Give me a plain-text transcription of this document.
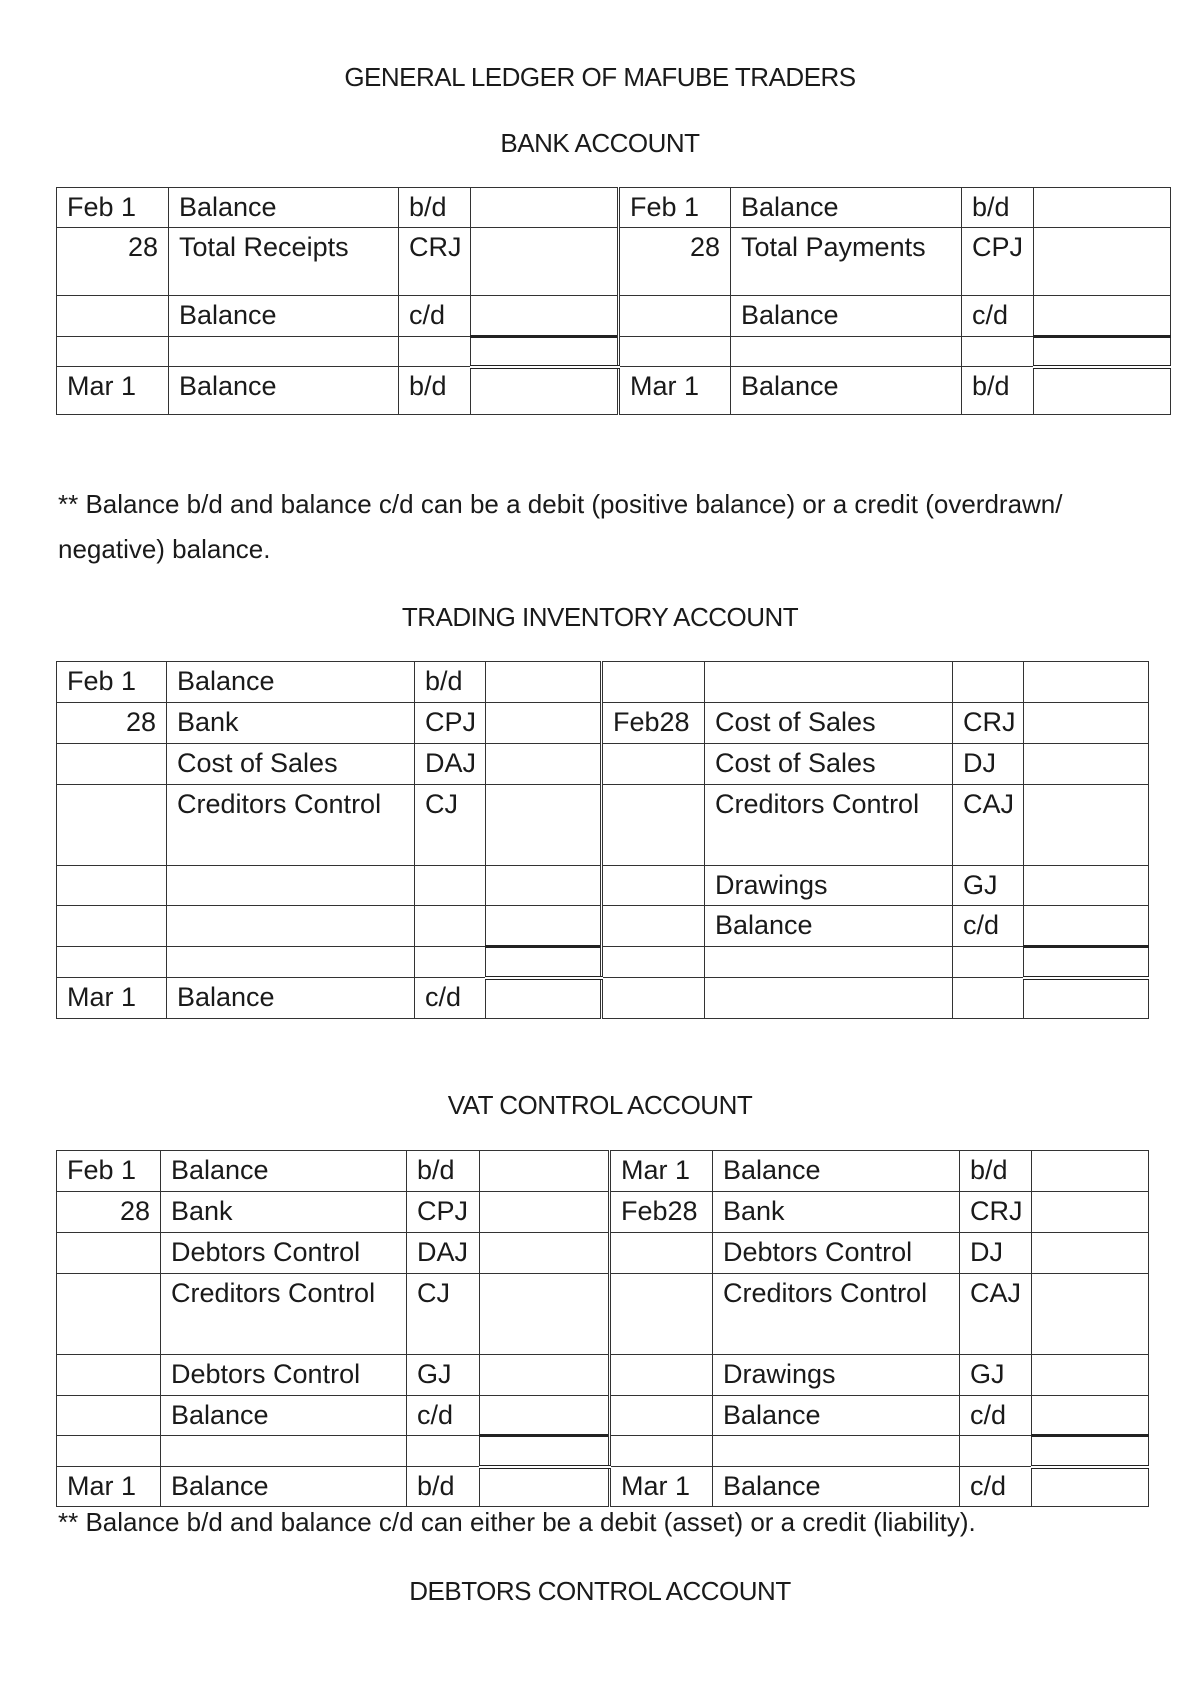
GENERAL LEDGER OF MAFUBE TRADERS
BANK ACCOUNT
Feb 1	Balance	b/d		Feb 1	Balance	b/d	
28	Total Receipts	CRJ		28	Total Payments	CPJ	
	Balance	c/d			Balance	c/d	

Mar 1	Balance	b/d		Mar 1	Balance	b/d	
** Balance b/d and balance c/d can be a debit (positive balance) or a credit (overdrawn/ negative) balance.
TRADING INVENTORY ACCOUNT
Feb 1	Balance	b/d					
28	Bank	CPJ		Feb28	Cost of Sales	CRJ	
	Cost of Sales	DAJ			Cost of Sales	DJ	
	Creditors Control	CJ			Creditors Control	CAJ	
					Drawings	GJ	
					Balance	c/d	

Mar 1	Balance	c/d					
VAT CONTROL ACCOUNT
Feb 1	Balance	b/d		Mar 1	Balance	b/d	
28	Bank	CPJ		Feb28	Bank	CRJ	
	Debtors Control	DAJ			Debtors Control	DJ	
	Creditors Control	CJ			Creditors Control	CAJ	
	Debtors Control	GJ			Drawings	GJ	
	Balance	c/d			Balance	c/d	

Mar 1	Balance	b/d		Mar 1	Balance	c/d	
** Balance b/d and balance c/d can either be a debit (asset) or a credit (liability).
DEBTORS CONTROL ACCOUNT
